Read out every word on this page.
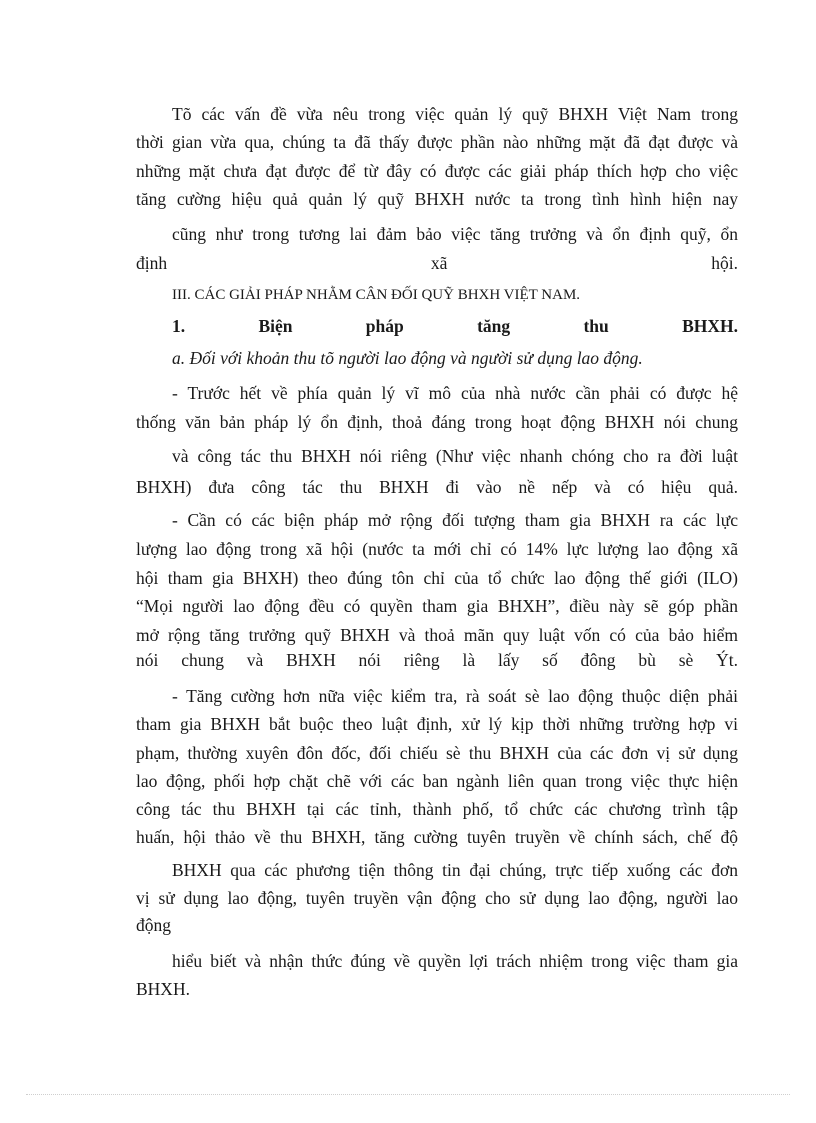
Tõ các vấn đề vừa nêu trong việc quản lý quỹ BHXH Việt Nam trong
thời gian vừa qua, chúng ta đã thấy được phần nào những mặt đã đạt được và
những mặt chưa đạt được để từ đây có được các giải pháp thích hợp cho việc
tăng cường hiệu quả quản lý quỹ BHXH nước ta trong tình hình hiện nay
cũng như trong tương lai đảm bảo việc tăng trưởng và ổn định quỹ, ổn
định xã hội.
III. CÁC GIẢI PHÁP NHẰM CÂN ĐỐI QUỸ BHXH VIỆT NAM.
1. Biện pháp tăng thu BHXH.
a. Đối với khoản thu tõ người lao động và người sử dụng lao động.
- Trước hết về phía quản lý vĩ mô của nhà nước cần phải có được hệ
thống văn bản pháp lý ổn định, thoả đáng trong hoạt động BHXH nói chung
và công tác thu BHXH nói riêng (Như việc nhanh chóng cho ra đời luật
BHXH) đưa công tác thu BHXH đi vào nề nếp và có hiệu quả.
- Cần có các biện pháp mở rộng đối tượng tham gia BHXH ra các lực
lượng lao động trong xã hội (nước ta mới chỉ có 14% lực lượng lao động xã
hội tham gia BHXH) theo đúng tôn chỉ của tổ chức lao động thế giới (ILO)
“Mọi người lao động đều có quyền tham gia BHXH”, điều này sẽ góp phần
mở rộng tăng trưởng quỹ BHXH và thoả mãn quy luật vốn có của bảo hiểm
nói chung và BHXH nói riêng là lấy số đông bù sè Ýt.
- Tăng cường hơn nữa việc kiểm tra, rà soát sè lao động thuộc diện phải
tham gia BHXH bắt buộc theo luật định, xử lý kịp thời những trường hợp vi
phạm, thường xuyên đôn đốc, đối chiếu sè thu BHXH của các đơn vị sử dụng
lao động, phối hợp chặt chẽ với các ban ngành liên quan trong việc thực hiện
công tác thu BHXH tại các tỉnh, thành phố, tổ chức các chương trình tập
huấn, hội thảo về thu BHXH, tăng cường tuyên truyền về chính sách, chế độ
BHXH qua các phương tiện thông tin đại chúng, trực tiếp xuống các đơn
vị sử dụng lao động, tuyên truyền vận động cho sử dụng lao động, người lao
động
hiểu biết và nhận thức đúng về quyền lợi trách nhiệm trong việc tham gia
BHXH.
